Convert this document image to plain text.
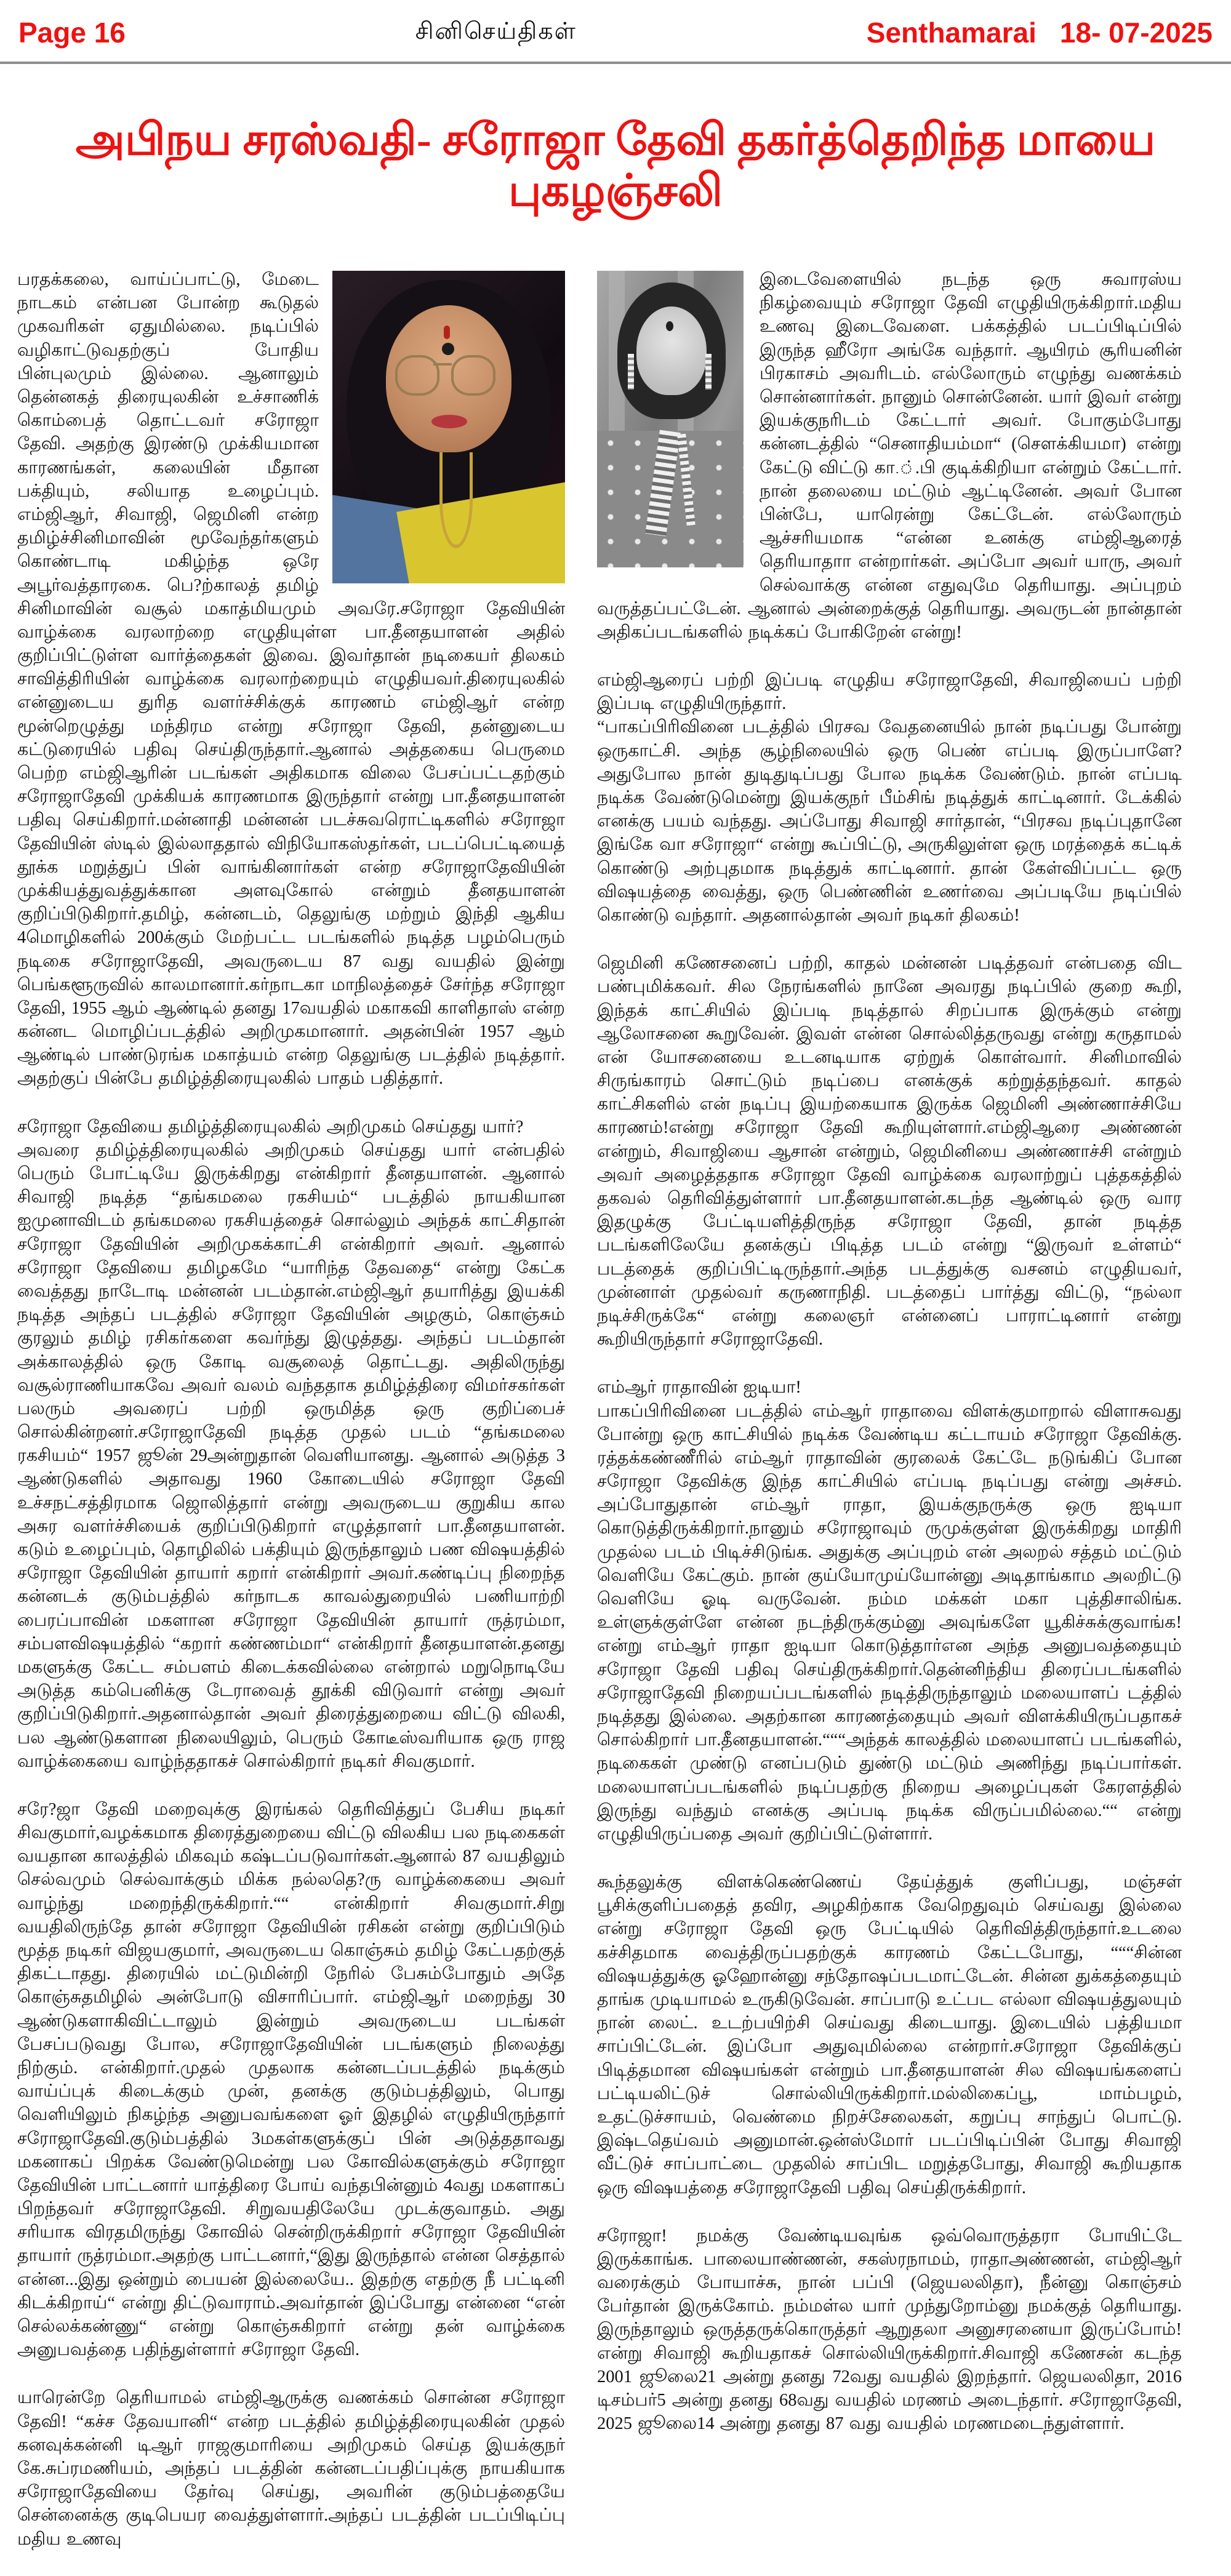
Page 16	சினிசெய்திகள்	Senthamarai 18- 07-2025
அபிநய சரஸ்வதி- சரோஜா தேவி தகர்த்தெறிந்த மாயை புகழஞ்சலி

பரதக்கலை, வாய்ப்பாட்டு, மேடை நாடகம் என்பன போன்ற கூடுதல் முகவரிகள் ஏதுமில்லை. நடிப்பில் வழிகாட்டுவதற்குப் போதிய பின்புலமும் இல்லை. ஆனாலும் தென்னகத் திரையுலகின் உச்சாணிக் கொம்பைத் தொட்டவர் சரோஜா தேவி. அதற்கு இரண்டு முக்கியமான காரணங்கள், கலையின் மீதான பக்தியும், சலியாத உழைப்பும். எம்ஜிஆர், சிவாஜி, ஜெமினி என்ற தமிழ்ச்சினிமாவின் மூவேந்தர்களும் கொண்டாடி மகிழ்ந்த ஒரே அபூர்வத்தாரகை. பெ?ற்காலத் தமிழ் சினிமாவின் வசூல் மகாத்மியமும் அவரே.சரோஜா தேவியின் வாழ்க்கை வரலாற்றை எழுதியுள்ள பா.தீனதயாளன் அதில் குறிப்பிட்டுள்ள வார்த்தைகள் இவை. இவர்தான் நடிகையர் திலகம் சாவித்திரியின் வாழ்க்கை வரலாற்றையும் எழுதியவர்.திரையுலகில் என்னுடைய துரித வளர்ச்சிக்குக் காரணம் எம்ஜிஆர் என்ற மூன்றெழுத்து மந்திரம என்று சரோஜா தேவி, தன்னுடைய கட்டுரையில் பதிவு செய்திருந்தார்.ஆனால் அத்தகைய பெருமை பெற்ற எம்ஜிஆரின் படங்கள் அதிகமாக விலை பேசப்பட்டதற்கும் சரோஜாதேவி முக்கியக் காரணமாக இருந்தார் என்று பா.தீனதயாளன் பதிவு செய்கிறார்.மன்னாதி மன்னன் படச்சுவரொட்டிகளில் சரோஜா தேவியின் ஸ்டில் இல்லாததால் விநியோகஸ்தர்கள், படப்பெட்டியைத் தூக்க மறுத்துப் பின் வாங்கினார்கள் என்ற சரோஜாதேவியின் முக்கியத்துவத்துக்கான அளவுகோல் என்றும் தீனதயாளன் குறிப்பிடுகிறார்.தமிழ், கன்னடம், தெலுங்கு மற்றும் இந்தி ஆகிய 4மொழிகளில் 200க்கும் மேற்பட்ட படங்களில் நடித்த பழம்பெரும் நடிகை சரோஜாதேவி, அவருடைய 87 வது வயதில் இன்று பெங்களூருவில் காலமானார்.கர்நாடகா மாநிலத்தைச் சேர்ந்த சரோஜா தேவி, 1955 ஆம் ஆண்டில் தனது 17வயதில் மகாகவி காளிதாஸ் என்ற கன்னட மொழிப்படத்தில் அறிமுகமானார். அதன்பின் 1957 ஆம் ஆண்டில் பாண்டுரங்க மகாத்யம் என்ற தெலுங்கு படத்தில் நடித்தார். அதற்குப் பின்பே தமிழ்த்திரையுலகில் பாதம் பதித்தார்.

சரோஜா தேவியை தமிழ்த்திரையுலகில் அறிமுகம் செய்தது யார்?

அவரை தமிழ்த்திரையுலகில் அறிமுகம் செய்தது யார் என்பதில் பெரும் போட்டியே இருக்கிறது என்கிறார் தீனதயாளன். ஆனால் சிவாஜி நடித்த “தங்கமலை ரகசியம்“ படத்தில் நாயகியான ஐமுனாவிடம் தங்கமலை ரகசியத்தைச் சொல்லும் அந்தக் காட்சிதான் சரோஜா தேவியின் அறிமுகக்காட்சி என்கிறார் அவர். ஆனால் சரோஜா தேவியை தமிழகமே “யாரிந்த தேவதை“ என்று கேட்க வைத்தது நாடோடி மன்னன் படம்தான்.எம்ஜிஆர் தயாரித்து இயக்கி நடித்த அந்தப் படத்தில் சரோஜா தேவியின் அழகும், கொஞ்சும் குரலும் தமிழ் ரசிகர்களை கவர்ந்து இழுத்தது. அந்தப் படம்தான் அக்காலத்தில் ஒரு கோடி வசூலைத் தொட்டது. அதிலிருந்து வசூல்ராணியாகவே அவர் வலம் வந்ததாக தமிழ்த்திரை விமர்சகர்கள் பலரும் அவரைப் பற்றி ஒருமித்த ஒரு குறிப்பைச் சொல்கின்றனர்.சரோஜாதேவி நடித்த முதல் படம் “தங்கமலை ரகசியம்“ 1957 ஜூன் 29அன்றுதான் வெளியானது. ஆனால் அடுத்த 3 ஆண்டுகளில் அதாவது 1960 கோடையில் சரோஜா தேவி உச்சநட்சத்திரமாக ஜொலித்தார் என்று அவருடைய குறுகிய கால அசுர வளர்ச்சியைக் குறிப்பிடுகிறார் எழுத்தாளர் பா.தீனதயாளன். கடும் உழைப்பும், தொழிலில் பக்தியும் இருந்தாலும் பண விஷயத்தில் சரோஜா தேவியின் தாயார் கறார் என்கிறார் அவர்.கண்டிப்பு நிறைந்த கன்னடக் குடும்பத்தில் கர்நாடக காவல்துறையில் பணியாற்றி பைரப்பாவின் மகளான சரோஜா தேவியின் தாயார் ருத்ரம்மா, சம்பளவிஷயத்தில் “கறார் கண்ணம்மா“ என்கிறார் தீனதயாளன்.தனது மகளுக்கு கேட்ட சம்பளம் கிடைக்கவில்லை என்றால் மறுநொடியே அடுத்த கம்பெனிக்கு டேராவைத் தூக்கி விடுவார் என்று அவர் குறிப்பிடுகிறார்.அதனால்தான் அவர் திரைத்துறையை விட்டு விலகி, பல ஆண்டுகளான நிலையிலும், பெரும் கோடீஸ்வரியாக ஒரு ராஜ வாழ்க்கையை வாழ்ந்ததாகச் சொல்கிறார் நடிகர் சிவகுமார்.

சரே?ஜா தேவி மறைவுக்கு இரங்கல் தெரிவித்துப் பேசிய நடிகர் சிவகுமார்,வழக்கமாக திரைத்துறையை விட்டு விலகிய பல நடிகைகள் வயதான காலத்தில் மிகவும் கஷ்டப்படுவார்கள்.ஆனால் 87 வயதிலும் செல்வமும் செல்வாக்கும் மிக்க நல்லதெ?ரு வாழ்க்கையை அவர் வாழ்ந்து மறைந்திருக்கிறார்.““ என்கிறார் சிவகுமார்.சிறு வயதிலிருந்தே தான் சரோஜா தேவியின் ரசிகன் என்று குறிப்பிடும் மூத்த நடிகர் விஜயகுமார், அவருடைய கொஞ்சும் தமிழ் கேட்பதற்குத் திகட்டாதது. திரையில் மட்டுமின்றி நேரில் பேசும்போதும் அதே கொஞ்சுதமிழில் அன்போடு விசாரிப்பார். எம்ஜிஆர் மறைந்து 30 ஆண்டுகளாகிவிட்டாலும் இன்றும் அவருடைய படங்கள் பேசப்படுவது போல, சரோஜாதேவியின் படங்களும் நிலைத்து நிற்கும். என்கிறார்.முதல் முதலாக கன்னடப்படத்தில் நடிக்கும் வாய்ப்புக் கிடைக்கும் முன், தனக்கு குடும்பத்திலும், பொது வெளியிலும் நிகழ்ந்த அனுபவங்களை ஓர் இதழில் எழுதியிருந்தார் சரோஜாதேவி.குடும்பத்தில் 3மகள்களுக்குப் பின் அடுத்ததாவது மகனாகப் பிறக்க வேண்டுமென்று பல கோவில்களுக்கும் சரோஜா தேவியின் பாட்டனார் யாத்திரை போய் வந்தபின்னும் 4வது மகளாகப் பிறந்தவர் சரோஜாதேவி. சிறுவயதிலேயே முடக்குவாதம். அது சரியாக விரதமிருந்து கோவில் சென்றிருக்கிறார் சரோஜா தேவியின் தாயார் ருத்ரம்மா.அதற்கு பாட்டனார்,“இது இருந்தால் என்ன செத்தால் என்ன...இது ஒன்றும் பையன் இல்லையே.. இதற்கு எதற்கு நீ பட்டினி கிடக்கிறாய்“ என்று திட்டுவாராம்.அவர்தான் இப்போது என்னை “என் செல்லக்கண்ணு“ என்று கொஞ்சுகிறார் என்று தன் வாழ்க்கை அனுபவத்தை பதிந்துள்ளார் சரோஜா தேவி.

யாரென்றே தெரியாமல் எம்ஜிஆருக்கு வணக்கம் சொன்ன சரோஜா தேவி! “கச்ச தேவயானி“ என்ற படத்தில் தமிழ்த்திரையுலகின் முதல் கனவுக்கன்னி டிஆர் ராஜகுமாரியை அறிமுகம் செய்த இயக்குநர் கே.சுப்ரமணியம், அந்தப் படத்தின் கன்னடப்பதிப்புக்கு நாயகியாக சரோஜாதேவியை தேர்வு செய்து, அவரின் குடும்பத்தையே சென்னைக்கு குடிபெயர வைத்துள்ளார்.அந்தப் படத்தின் படப்பிடிப்பு மதிய உணவு

இடைவேளையில் நடந்த ஒரு சுவாரஸ்ய நிகழ்வையும் சரோஜா தேவி எழுதியிருக்கிறார்.மதிய உணவு இடைவேளை. பக்கத்தில் படப்பிடிப்பில் இருந்த ஹீரோ அங்கே வந்தார். ஆயிரம் சூரியனின் பிரகாசம் அவரிடம். எல்லோரும் எழுந்து வணக்கம் சொன்னார்கள். நானும் சொன்னேன். யார் இவர் என்று இயக்குநரிடம் கேட்டார் அவர். போகும்போது கன்னடத்தில் “செனாதியம்மா“ (செளக்கியமா) என்று கேட்டு விட்டு கா.்.பி குடிக்கிறியா என்றும் கேட்டார். நான் தலையை மட்டும் ஆட்டினேன். அவர் போன பின்பே, யாரென்று கேட்டேன். எல்லோரும் ஆச்சரியமாக “என்ன உனக்கு எம்ஜிஆரைத் தெரியாதாா என்றார்கள். அப்போ அவர் யாரு, அவர் செல்வாக்கு என்ன எதுவுமே தெரியாது. அப்புறம் வருத்தப்பட்டேன். ஆனால் அன்றைக்குத் தெரியாது. அவருடன் நான்தான் அதிகப்படங்களில் நடிக்கப் போகிறேன் என்று!

எம்ஜிஆரைப் பற்றி இப்படி எழுதிய சரோஜாதேவி, சிவாஜியைப் பற்றி இப்படி எழுதியிருந்தார்.

“பாகப்பிரிவினை படத்தில் பிரசவ வேதனையில் நான் நடிப்பது போன்று ஒருகாட்சி. அந்த சூழ்நிலையில் ஒரு பெண் எப்படி இருப்பாளே? அதுபோல நான் துடிதுடிப்பது போல நடிக்க வேண்டும். நான் எப்படி நடிக்க வேண்டுமென்று இயக்குநர் பீம்சிங் நடித்துக் காட்டினார். டேக்கில் எனக்கு பயம் வந்தது. அப்போது சிவாஜி சார்தான், “பிரசவ நடிப்புதானே இங்கே வா சரோஜா“ என்று கூப்பிட்டு, அருகிலுள்ள ஒரு மரத்தைக் கட்டிக் கொண்டு அற்புதமாக நடித்துக் காட்டினார். தான் கேள்விப்பட்ட ஒரு விஷயத்தை வைத்து, ஒரு பெண்ணின் உணர்வை அப்படியே நடிப்பில் கொண்டு வந்தார். அதனால்தான் அவர் நடிகர் திலகம்!

ஜெமினி கணேசனைப் பற்றி, காதல் மன்னன் படித்தவர் என்பதை விட பண்புமிக்கவர். சில நேரங்களில் நானே அவரது நடிப்பில் குறை கூறி, இந்தக் காட்சியில் இப்படி நடித்தால் சிறப்பாக இருக்கும் என்று ஆலோசனை கூறுவேன். இவள் என்ன சொல்லித்தருவது என்று கருதாமல் என் யோசனையை உடனடியாக ஏற்றுக் கொள்வார். சினிமாவில் சிருங்காரம் சொட்டும் நடிப்பை எனக்குக் கற்றுத்தந்தவர். காதல் காட்சிகளில் என் நடிப்பு இயற்கையாக இருக்க ஜெமினி அண்ணாச்சியே காரணம்!என்று சரோஜா தேவி கூறியுள்ளார்.எம்ஜிஆரை அண்ணன் என்றும், சிவாஜியை ஆசான் என்றும், ஜெமினியை அண்ணாச்சி என்றும் அவர் அழைத்ததாக சரோஜா தேவி வாழ்க்கை வரலாற்றுப் புத்தகத்தில் தகவல் தெரிவித்துள்ளார் பா.தீனதயாளன்.கடந்த ஆண்டில் ஒரு வார இதழுக்கு பேட்டியளித்திருந்த சரோஜா தேவி, தான் நடித்த படங்களிலேயே தனக்குப் பிடித்த படம் என்று “இருவர் உள்ளம்“ படத்தைக் குறிப்பிட்டிருந்தார்.அந்த படத்துக்கு வசனம் எழுதியவர், முன்னாள் முதல்வர் கருணாநிதி. படத்தைப் பார்த்து விட்டு, “நல்லா நடிச்சிருக்கே“ என்று கலைஞர் என்னைப் பாராட்டினார் என்று கூறியிருந்தார் சரோஜாதேவி.

எம்ஆர் ராதாவின் ஐடியா!

பாகப்பிரிவினை படத்தில் எம்ஆர் ராதாவை விளக்குமாறால் விளாசுவது போன்று ஒரு காட்சியில் நடிக்க வேண்டிய கட்டாயம் சரோஜா தேவிக்கு. ரத்தக்கண்ணீரில் எம்ஆர் ராதாவின் குரலைக் கேட்டே நடுங்கிப் போன சரோஜா தேவிக்கு இந்த காட்சியில் எப்படி நடிப்பது என்று அச்சம். அப்போதுதான் எம்ஆர் ராதா, இயக்குநருக்கு ஒரு ஐடியா கொடுத்திருக்கிறார்.நானும் சரோஜாவும் ருமுக்குள்ள இருக்கிறது மாதிரி முதல்ல படம் பிடிச்சிடுங்க. அதுக்கு அப்புறம் என் அலறல் சத்தம் மட்டும் வெளியே கேட்கும். நான் குய்யோமுய்யோன்னு அடிதாங்காம அலறிட்டு வெளியே ஓடி வருவேன். நம்ம மக்கள் மகா புத்திசாலிங்க. உள்ளுக்குள்ளே என்ன நடந்திருக்கும்னு அவுங்களே யூகிச்சுக்குவாங்க! என்று எம்ஆர் ராதா ஐடியா கொடுத்தார்என அந்த அனுபவத்தையும் சரோஜா தேவி பதிவு செய்திருக்கிறார்.தென்னிந்திய திரைப்படங்களில் சரோஜாதேவி நிறையப்படங்களில் நடித்திருந்தாலும் மலையாளப் டத்தில் நடித்தது இல்லை. அதற்கான காரணத்தையும் அவர் விளக்கியிருப்பதாகச் சொல்கிறார் பா.தீனதயாளன்.“““அந்தக் காலத்தில் மலையாளப் படங்களில், நடிகைகள் முண்டு எனப்படும் துண்டு மட்டும் அணிந்து நடிப்பார்கள். மலையாளப்படங்களில் நடிப்பதற்கு நிறைய அழைப்புகள் கேரளத்தில் இருந்து வந்தும் எனக்கு அப்படி நடிக்க விருப்பமில்லை.““ என்று எழுதியிருப்பதை அவர் குறிப்பிட்டுள்ளார்.

கூந்தலுக்கு விளக்கெண்ணெய் தேய்த்துக் குளிப்பது, மஞ்சள் பூசிக்குளிப்பதைத் தவிர, அழகிற்காக வேறெதுவும் செய்வது இல்லை என்று சரோஜா தேவி ஒரு பேட்டியில் தெரிவித்திருந்தார்.உடலை கச்சிதமாக வைத்திருப்பதற்குக் காரணம் கேட்டபோது, “““சின்ன விஷயத்துக்கு ஓஹோன்னு சந்தோஷப்படமாட்டேன். சின்ன துக்கத்தையும் தாங்க முடியாமல் உருகிடுவேன். சாப்பாடு உட்பட எல்லா விஷயத்துலயும் நான் லைட். உடற்பயிற்சி செய்வது கிடையாது. இடையில் பத்தியமா சாப்பிட்டேன். இப்போ அதுவுமில்லை என்றார்.சரோஜா தேவிக்குப் பிடித்தமான விஷயங்கள் என்றும் பா.தீனதயாளன் சில விஷயங்களைப் பட்டியலிட்டுச் சொல்லியிருக்கிறார்.மல்லிகைப்பூ, மாம்பழம், உதட்டுச்சாயம், வெண்மை நிறச்சேலைகள், கறுப்பு சாந்துப் பொட்டு. இஷ்டதெய்வம் அனுமான்.ஒன்ஸ்மோர் படப்பிடிப்பின் போது சிவாஜி வீட்டுச் சாப்பாட்டை முதலில் சாப்பிட மறுத்தபோது, சிவாஜி கூறியதாக ஒரு விஷயத்தை சரோஜாதேவி பதிவு செய்திருக்கிறார்.

சரோஜா! நமக்கு வேண்டியவுங்க ஒவ்வொருத்தரா போயிட்டே இருக்காங்க. பாலையாண்ணன், சகஸ்ரநாமம், ராதாஅண்ணன், எம்ஜிஆர் வரைக்கும் போயாச்சு, நான் பப்பி (ஜெயலலிதா), நீன்னு கொஞ்சம் பேர்தான் இருக்கோம். நம்மள்ல யார் முந்துறோம்னு நமக்குத் தெரியாது. இருந்தாலும் ஒருத்தருக்கொருத்தர் ஆறுதலா அனுசரனையா இருப்போம்! என்று சிவாஜி கூறியதாகச் சொல்லியிருக்கிறார்.சிவாஜி கணேசன் கடந்த 2001 ஜூலை21 அன்று தனது 72வது வயதில் இறந்தார். ஜெயலலிதா, 2016 டிசம்பர்5 அன்று தனது 68வது வயதில் மரணம் அடைந்தார். சரோஜாதேவி, 2025 ஜூலை14 அன்று தனது 87 வது வயதில் மரணமடைந்துள்ளார்.
